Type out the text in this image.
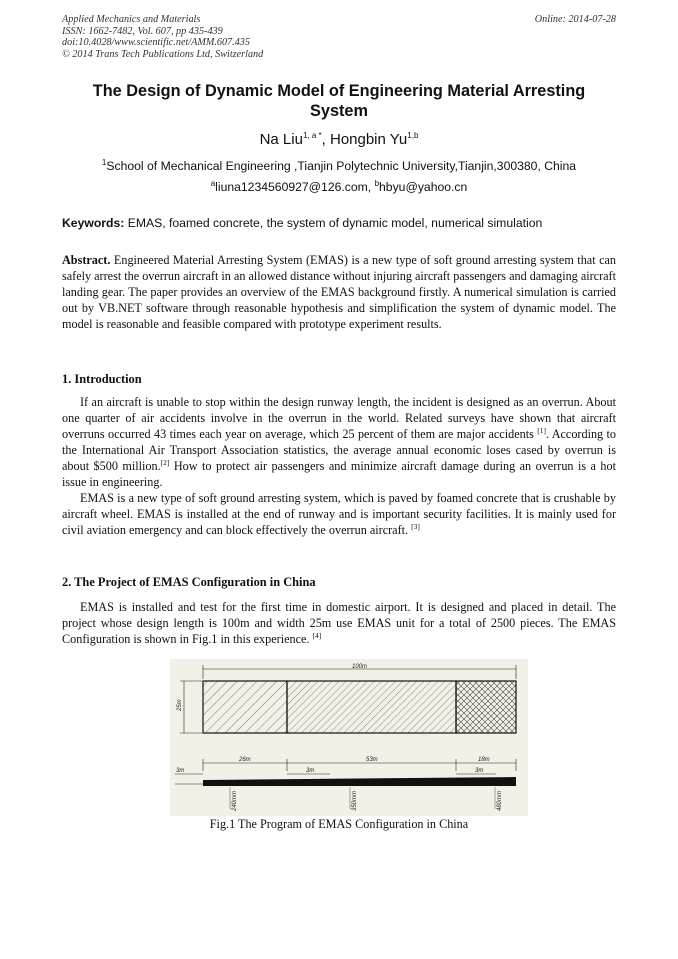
Applied Mechanics and Materials
ISSN: 1662-7482, Vol. 607, pp 435-439
doi:10.4028/www.scientific.net/AMM.607.435
© 2014 Trans Tech Publications Ltd, Switzerland
Online: 2014-07-28
The Design of Dynamic Model of Engineering Material Arresting System
Na Liu$^{1, a *}$, Hongbin Yu$^{1,b}$
$^1$School of Mechanical Engineering ,Tianjin Polytechnic University,Tianjin,300380, China
$^a$liuna1234560927@126.com, $^b$hbyu@yahoo.cn
Keywords: EMAS, foamed concrete, the system of dynamic model, numerical simulation
Abstract. Engineered Material Arresting System (EMAS) is a new type of soft ground arresting system that can safely arrest the overrun aircraft in an allowed distance without injuring aircraft passengers and damaging aircraft landing gear. The paper provides an overview of the EMAS background firstly. A numerical simulation is carried out by VB.NET software through reasonable hypothesis and simplification the system of dynamic model. The model is reasonable and feasible compared with prototype experiment results.
1. Introduction
If an aircraft is unable to stop within the design runway length, the incident is designed as an overrun. About one quarter of air accidents involve in the overrun in the world. Related surveys have shown that aircraft overruns occurred 43 times each year on average, which 25 percent of them are major accidents [1]. According to the International Air Transport Association statistics, the average annual economic loses cased by overrun is about $500 million.[2] How to protect air passengers and minimize aircraft damage during an overrun is a hot issue in engineering.
EMAS is a new type of soft ground arresting system, which is paved by foamed concrete that is crushable by aircraft wheel. EMAS is installed at the end of runway and is important security facilities. It is mainly used for civil aviation emergency and can block effectively the overrun aircraft. [3]
2. The Project of EMAS Configuration in China
EMAS is installed and test for the first time in domestic airport. It is designed and placed in detail. The project whose design length is 100m and width 25m use EMAS unit for a total of 2500 pieces. The EMAS Configuration is shown in Fig.1 in this experience. [4]
100m
25m
26m	53m	18m
3m	3m	3m
240mm	350mm	480mm
Fig.1 The Program of EMAS Configuration in China
